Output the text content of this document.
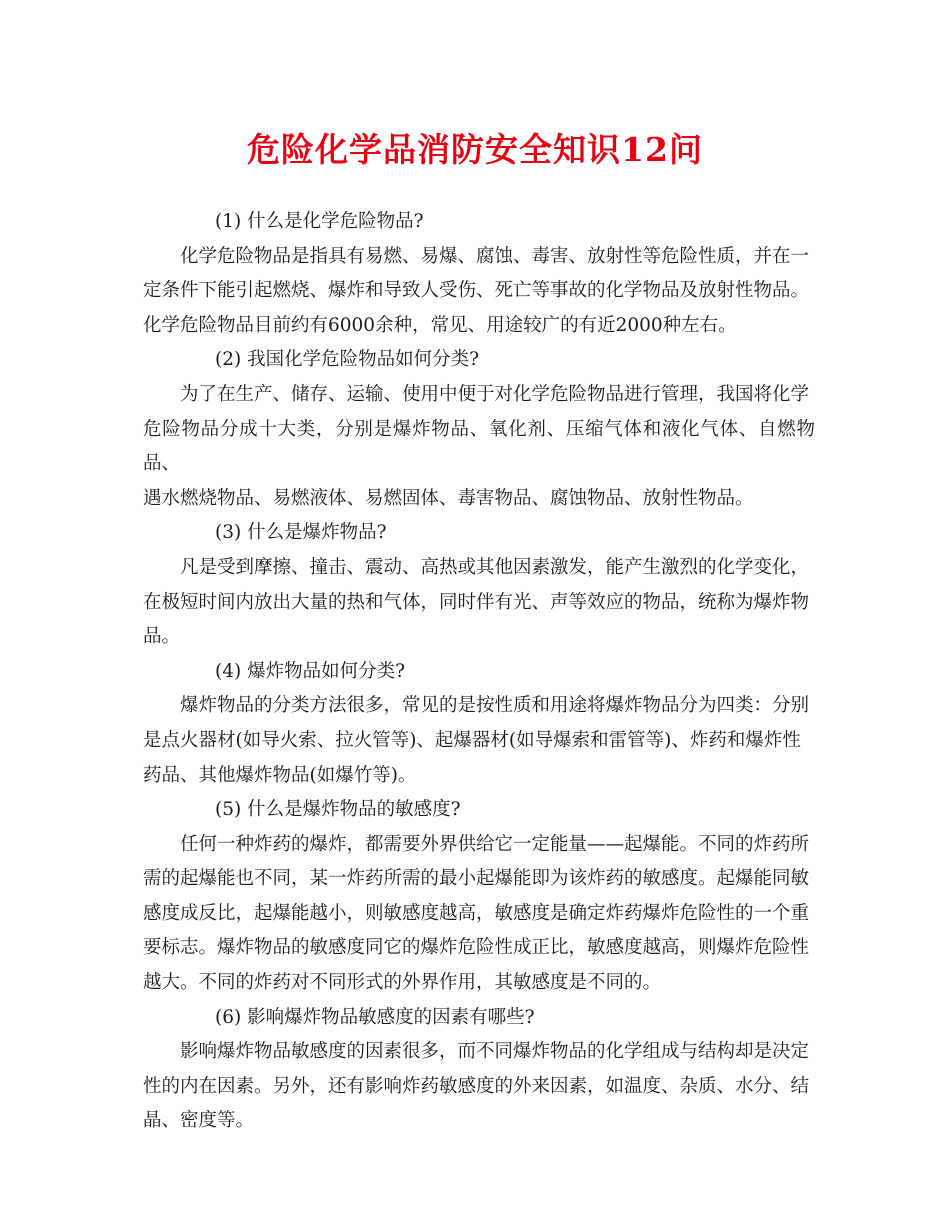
危险化学品消防安全知识12问
(1) 什么是化学危险物品?
化学危险物品是指具有易燃、易爆、腐蚀、毒害、放射性等危险性质，并在一
定条件下能引起燃烧、爆炸和导致人受伤、死亡等事故的化学物品及放射性物品。
化学危险物品目前约有6000余种，常见、用途较广的有近2000种左右。
(2) 我国化学危险物品如何分类?
为了在生产、储存、运输、使用中便于对化学危险物品进行管理，我国将化学
危险物品分成十大类，分别是爆炸物品、氧化剂、压缩气体和液化气体、自燃物品、
遇水燃烧物品、易燃液体、易燃固体、毒害物品、腐蚀物品、放射性物品。
(3) 什么是爆炸物品?
凡是受到摩擦、撞击、震动、高热或其他因素激发，能产生激烈的化学变化，
在极短时间内放出大量的热和气体，同时伴有光、声等效应的物品，统称为爆炸物
品。
(4) 爆炸物品如何分类?
爆炸物品的分类方法很多，常见的是按性质和用途将爆炸物品分为四类：分别
是点火器材(如导火索、拉火管等)、起爆器材(如导爆索和雷管等)、炸药和爆炸性
药品、其他爆炸物品(如爆竹等)。
(5) 什么是爆炸物品的敏感度?
任何一种炸药的爆炸，都需要外界供给它一定能量——起爆能。不同的炸药所
需的起爆能也不同，某一炸药所需的最小起爆能即为该炸药的敏感度。起爆能同敏
感度成反比，起爆能越小，则敏感度越高，敏感度是确定炸药爆炸危险性的一个重
要标志。爆炸物品的敏感度同它的爆炸危险性成正比，敏感度越高，则爆炸危险性
越大。不同的炸药对不同形式的外界作用，其敏感度是不同的。
(6) 影响爆炸物品敏感度的因素有哪些?
影响爆炸物品敏感度的因素很多，而不同爆炸物品的化学组成与结构却是决定
性的内在因素。另外，还有影响炸药敏感度的外来因素，如温度、杂质、水分、结
晶、密度等。
